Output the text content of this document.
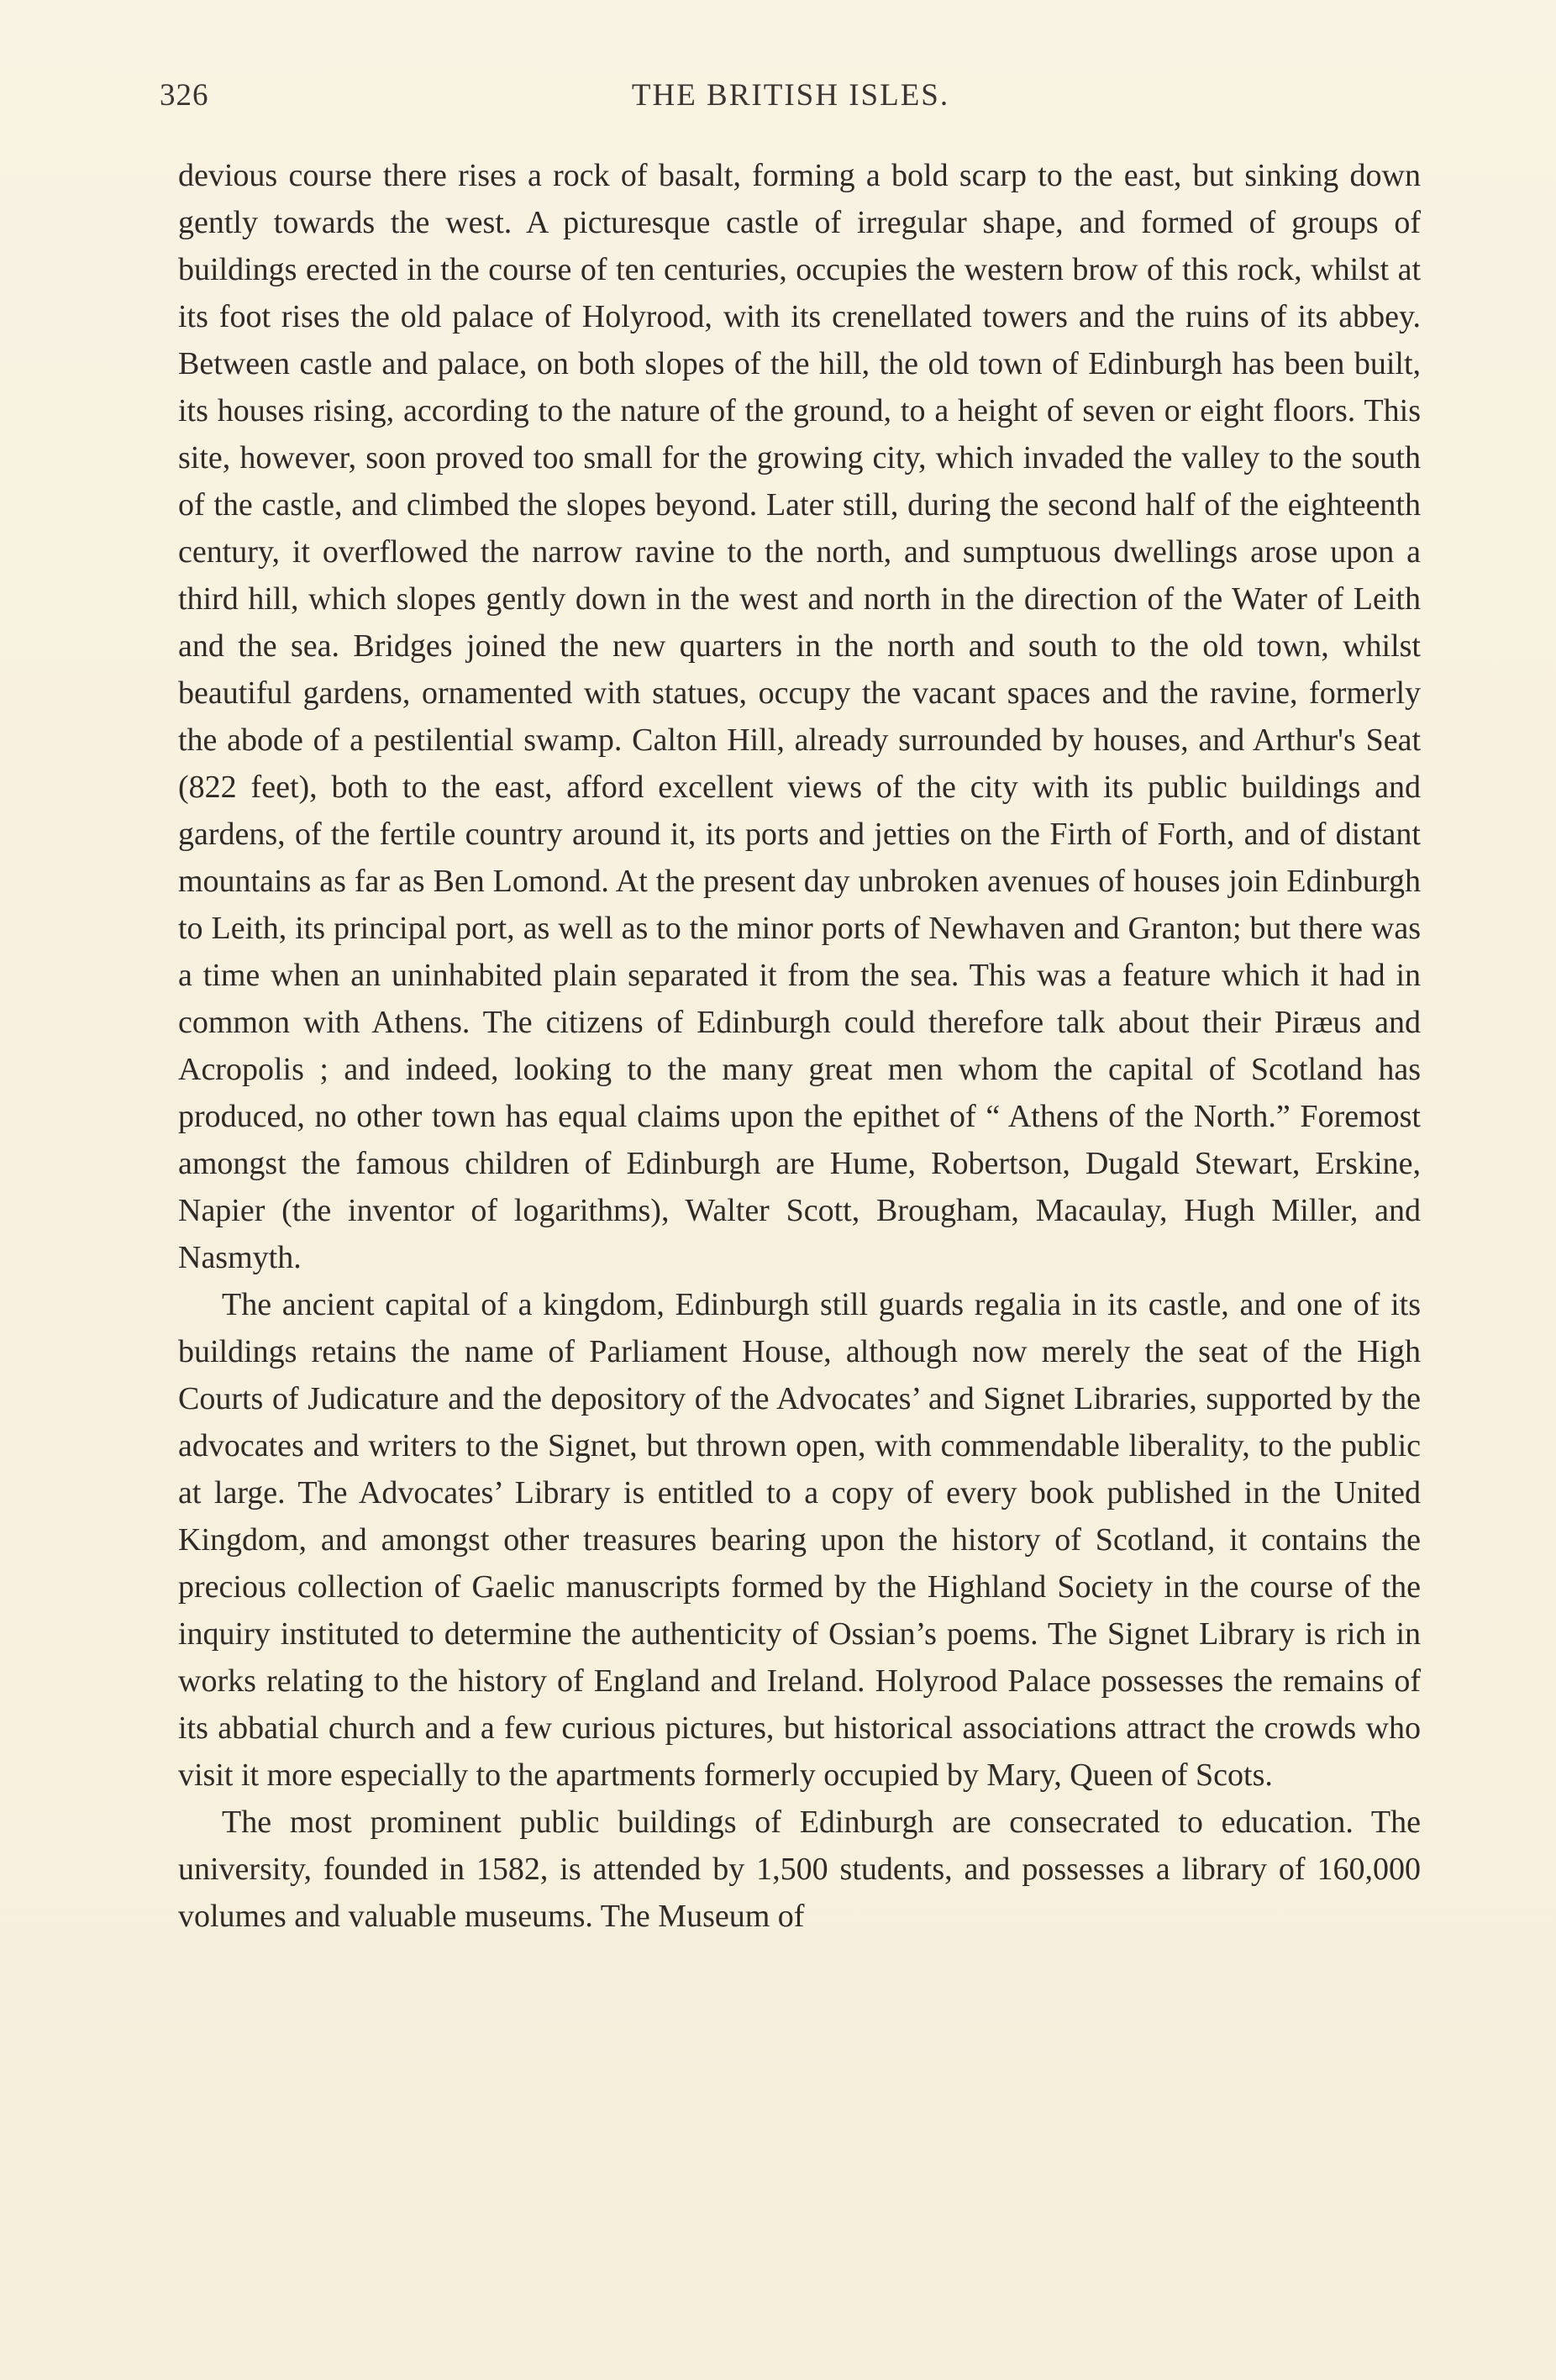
326	THE BRITISH ISLES.

devious course there rises a rock of basalt, forming a bold scarp to the east, but sinking down gently towards the west. A picturesque castle of irregular shape, and formed of groups of buildings erected in the course of ten centuries, occupies the western brow of this rock, whilst at its foot rises the old palace of Holyrood, with its crenellated towers and the ruins of its abbey. Between castle and palace, on both slopes of the hill, the old town of Edinburgh has been built, its houses rising, according to the nature of the ground, to a height of seven or eight floors. This site, however, soon proved too small for the growing city, which invaded the valley to the south of the castle, and climbed the slopes beyond. Later still, during the second half of the eighteenth century, it overflowed the narrow ravine to the north, and sumptuous dwellings arose upon a third hill, which slopes gently down in the west and north in the direction of the Water of Leith and the sea. Bridges joined the new quarters in the north and south to the old town, whilst beautiful gardens, ornamented with statues, occupy the vacant spaces and the ravine, formerly the abode of a pestilential swamp. Calton Hill, already surrounded by houses, and Arthur's Seat (822 feet), both to the east, afford excellent views of the city with its public buildings and gardens, of the fertile country around it, its ports and jetties on the Firth of Forth, and of distant mountains as far as Ben Lomond. At the present day unbroken avenues of houses join Edinburgh to Leith, its principal port, as well as to the minor ports of Newhaven and Granton; but there was a time when an uninhabited plain separated it from the sea. This was a feature which it had in common with Athens. The citizens of Edinburgh could therefore talk about their Piræus and Acropolis ; and indeed, looking to the many great men whom the capital of Scotland has produced, no other town has equal claims upon the epithet of “ Athens of the North.” Foremost amongst the famous children of Edinburgh are Hume, Robertson, Dugald Stewart, Erskine, Napier (the inventor of logarithms), Walter Scott, Brougham, Macaulay, Hugh Miller, and Nasmyth.

The ancient capital of a kingdom, Edinburgh still guards regalia in its castle, and one of its buildings retains the name of Parliament House, although now merely the seat of the High Courts of Judicature and the depository of the Advocates’ and Signet Libraries, supported by the advocates and writers to the Signet, but thrown open, with commendable liberality, to the public at large. The Advocates’ Library is entitled to a copy of every book published in the United Kingdom, and amongst other treasures bearing upon the history of Scotland, it contains the precious collection of Gaelic manuscripts formed by the Highland Society in the course of the inquiry instituted to determine the authenticity of Ossian’s poems. The Signet Library is rich in works relating to the history of England and Ireland. Holyrood Palace possesses the remains of its abbatial church and a few curious pictures, but historical associations attract the crowds who visit it more especially to the apartments formerly occupied by Mary, Queen of Scots.

The most prominent public buildings of Edinburgh are consecrated to education. The university, founded in 1582, is attended by 1,500 students, and possesses a library of 160,000 volumes and valuable museums. The Museum of
